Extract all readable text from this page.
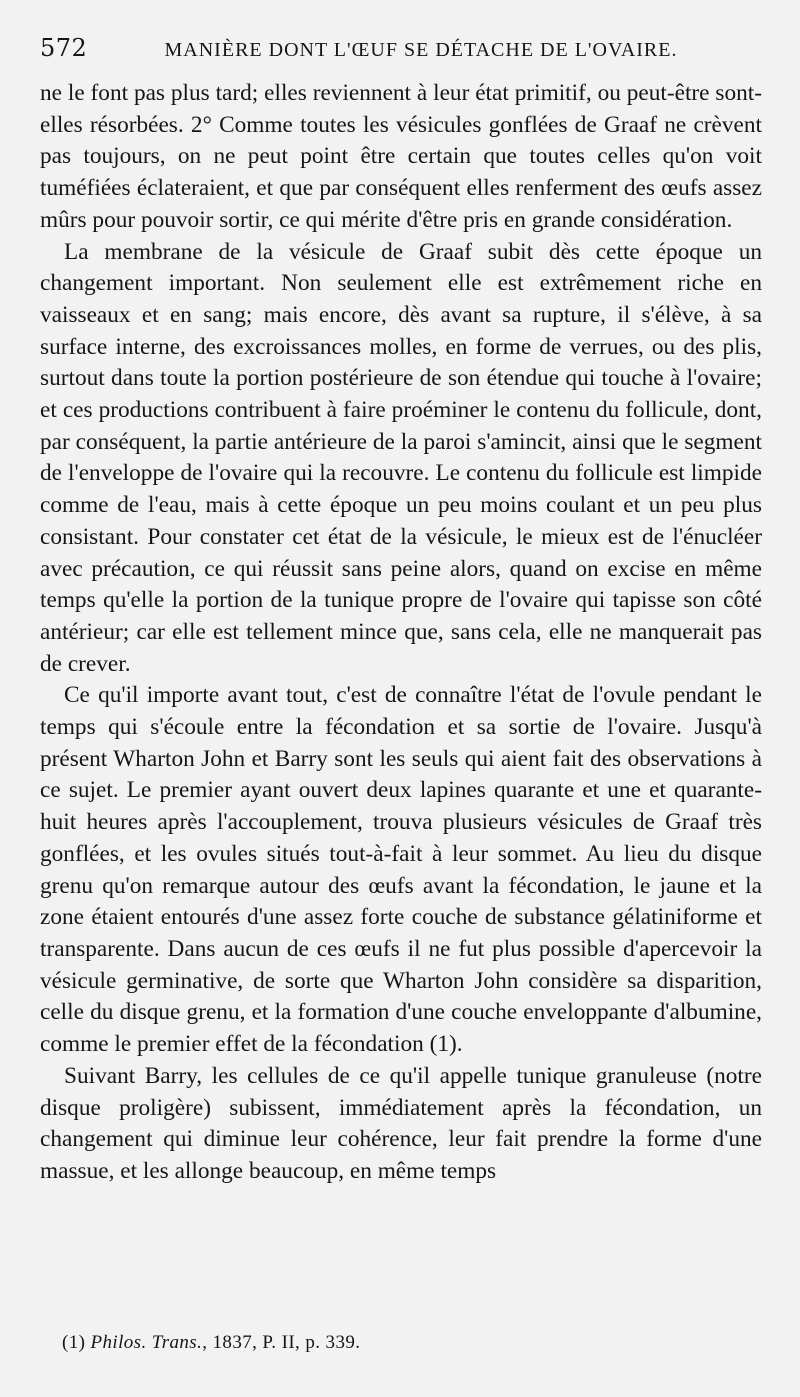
572	MANIÈRE DONT L'ŒUF SE DÉTACHE DE L'OVAIRE.

ne le font pas plus tard; elles reviennent à leur état primitif, ou peut-être sont-elles résorbées. 2° Comme toutes les vésicules gonflées de Graaf ne crèvent pas toujours, on ne peut point être certain que toutes celles qu'on voit tuméfiées éclateraient, et que par conséquent elles renferment des œufs assez mûrs pour pouvoir sortir, ce qui mérite d'être pris en grande considération.

La membrane de la vésicule de Graaf subit dès cette époque un changement important. Non seulement elle est extrêmement riche en vaisseaux et en sang; mais encore, dès avant sa rupture, il s'élève, à sa surface interne, des excroissances molles, en forme de verrues, ou des plis, surtout dans toute la portion postérieure de son étendue qui touche à l'ovaire; et ces productions contribuent à faire proéminer le contenu du follicule, dont, par conséquent, la partie antérieure de la paroi s'amincit, ainsi que le segment de l'enveloppe de l'ovaire qui la recouvre. Le contenu du follicule est limpide comme de l'eau, mais à cette époque un peu moins coulant et un peu plus consistant. Pour constater cet état de la vésicule, le mieux est de l'énucléer avec précaution, ce qui réussit sans peine alors, quand on excise en même temps qu'elle la portion de la tunique propre de l'ovaire qui tapisse son côté antérieur; car elle est tellement mince que, sans cela, elle ne manquerait pas de crever.

Ce qu'il importe avant tout, c'est de connaître l'état de l'ovule pendant le temps qui s'écoule entre la fécondation et sa sortie de l'ovaire. Jusqu'à présent Wharton John et Barry sont les seuls qui aient fait des observations à ce sujet. Le premier ayant ouvert deux lapines quarante et une et quarante-huit heures après l'accouplement, trouva plusieurs vésicules de Graaf très gonflées, et les ovules situés tout-à-fait à leur sommet. Au lieu du disque grenu qu'on remarque autour des œufs avant la fécondation, le jaune et la zone étaient entourés d'une assez forte couche de substance gélatiniforme et transparente. Dans aucun de ces œufs il ne fut plus possible d'apercevoir la vésicule germinative, de sorte que Wharton John considère sa disparition, celle du disque grenu, et la formation d'une couche enveloppante d'albumine, comme le premier effet de la fécondation (1).

Suivant Barry, les cellules de ce qu'il appelle tunique granuleuse (notre disque proligère) subissent, immédiatement après la fécondation, un changement qui diminue leur cohérence, leur fait prendre la forme d'une massue, et les allonge beaucoup, en même temps

(1) Philos. Trans., 1837, P. II, p. 339.
